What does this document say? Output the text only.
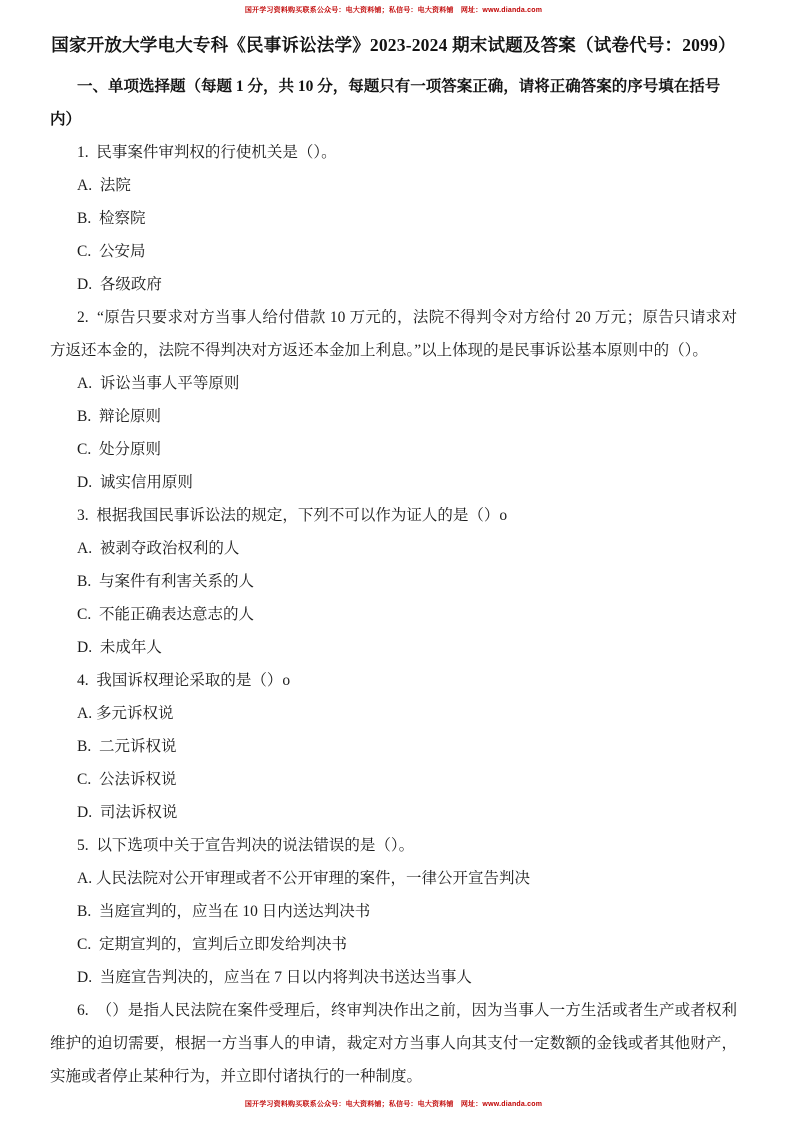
国开学习资料购买联系公众号：电大资料铺；私信号：电大资料铺　网址：www.dianda.com
国家开放大学电大专科《民事诉讼法学》2023-2024 期末试题及答案（试卷代号：2099）

一、单项选择题（每题 1 分，共 10 分，每题只有一项答案正确，请将正确答案的序号填在括号内）

1.  民事案件审判权的行使机关是（）。

A.  法院

B.  检察院

C.  公安局

D.  各级政府

2.  “原告只要求对方当事人给付借款 10 万元的，法院不得判令对方给付 20 万元；原告只请求对方返还本金的，法院不得判决对方返还本金加上利息。”以上体现的是民事诉讼基本原则中的（）。

A.  诉讼当事人平等原则

B.  辩论原则

C.  处分原则

D.  诚实信用原则

3.  根据我国民事诉讼法的规定，下列不可以作为证人的是（）o

A.  被剥夺政治权利的人

B.  与案件有利害关系的人

C.  不能正确表达意志的人

D.  未成年人

4.  我国诉权理论采取的是（）o

A. 多元诉权说

B.  二元诉权说

C.  公法诉权说

D.  司法诉权说

5.  以下选项中关于宣告判决的说法错误的是（）。

A. 人民法院对公开审理或者不公开审理的案件，一律公开宣告判决

B.  当庭宣判的，应当在 10 日内送达判决书

C.  定期宣判的，宣判后立即发给判决书

D.  当庭宣告判决的，应当在 7 日以内将判决书送达当事人

6.  （）是指人民法院在案件受理后，终审判决作出之前，因为当事人一方生活或者生产或者权利 维护的迫切需要，根据一方当事人的申请，裁定对方当事人向其支付一定数额的金钱或者其他财产，实施或者停止某种行为，并立即付诸执行的一种制度。

国开学习资料购买联系公众号：电大资料铺；私信号：电大资料铺　网址：www.dianda.com
